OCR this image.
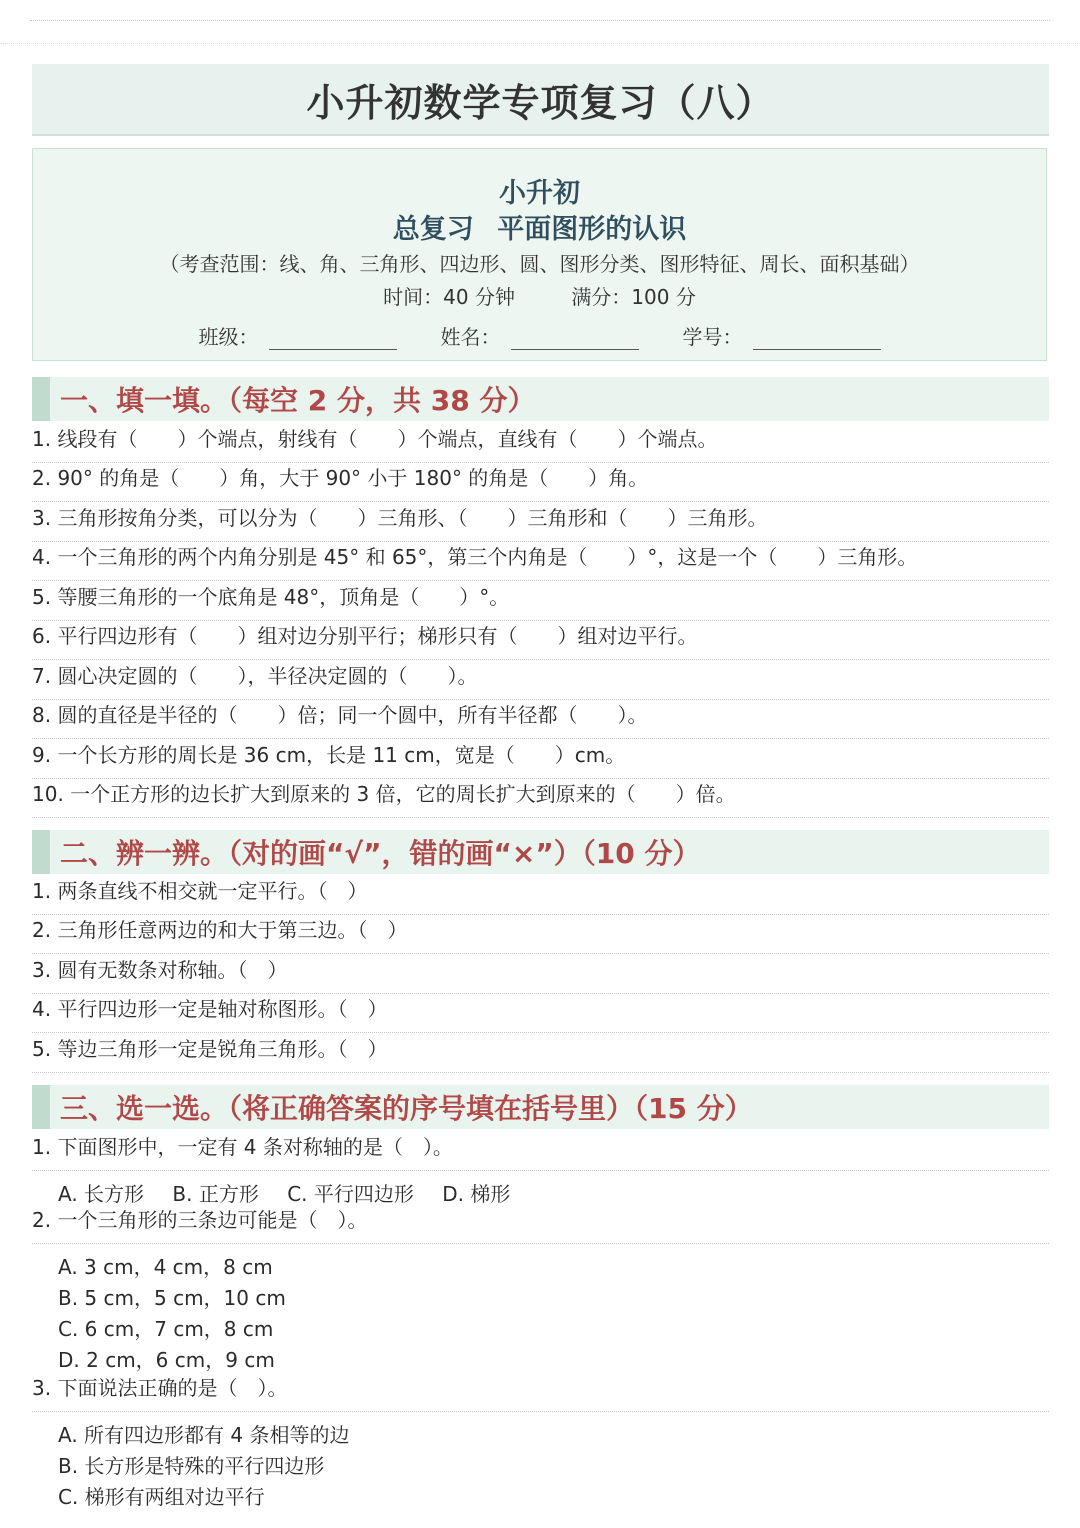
小升初数学专项复习（八）
小升初
总复习 平面图形的认识
（考查范围：线、角、三角形、四边形、圆、图形分类、图形特征、周长、面积基础）
时间：40 分钟	满分：100 分
班级：	姓名：	学号：
一、填一填。（每空 2 分，共 38 分）
1. 线段有（　　）个端点，射线有（　　）个端点，直线有（　　）个端点。
2. 90° 的角是（　　）角，大于 90° 小于 180° 的角是（　　）角。
3. 三角形按角分类，可以分为（　　）三角形、（　　）三角形和（　　）三角形。
4. 一个三角形的两个内角分别是 45° 和 65°，第三个内角是（　　）°，这是一个（　　）三角形。
5. 等腰三角形的一个底角是 48°，顶角是（　　）°。
6. 平行四边形有（　　）组对边分别平行；梯形只有（　　）组对边平行。
7. 圆心决定圆的（　　），半径决定圆的（　　）。
8. 圆的直径是半径的（　　）倍；同一个圆中，所有半径都（　　）。
9. 一个长方形的周长是 36 cm，长是 11 cm，宽是（　　）cm。
10. 一个正方形的边长扩大到原来的 3 倍，它的周长扩大到原来的（　　）倍。
二、辨一辨。（对的画“√”，错的画“×”）（10 分）
1. 两条直线不相交就一定平行。（　）
2. 三角形任意两边的和大于第三边。（　）
3. 圆有无数条对称轴。（　）
4. 平行四边形一定是轴对称图形。（　）
5. 等边三角形一定是锐角三角形。（　）
三、选一选。（将正确答案的序号填在括号里）（15 分）
1. 下面图形中，一定有 4 条对称轴的是（　）。
A. 长方形 B. 正方形 C. 平行四边形 D. 梯形
2. 一个三角形的三条边可能是（　）。
A. 3 cm，4 cm，8 cm
B. 5 cm，5 cm，10 cm
C. 6 cm，7 cm，8 cm
D. 2 cm，6 cm，9 cm
3. 下面说法正确的是（　）。
A. 所有四边形都有 4 条相等的边
B. 长方形是特殊的平行四边形
C. 梯形有两组对边平行
